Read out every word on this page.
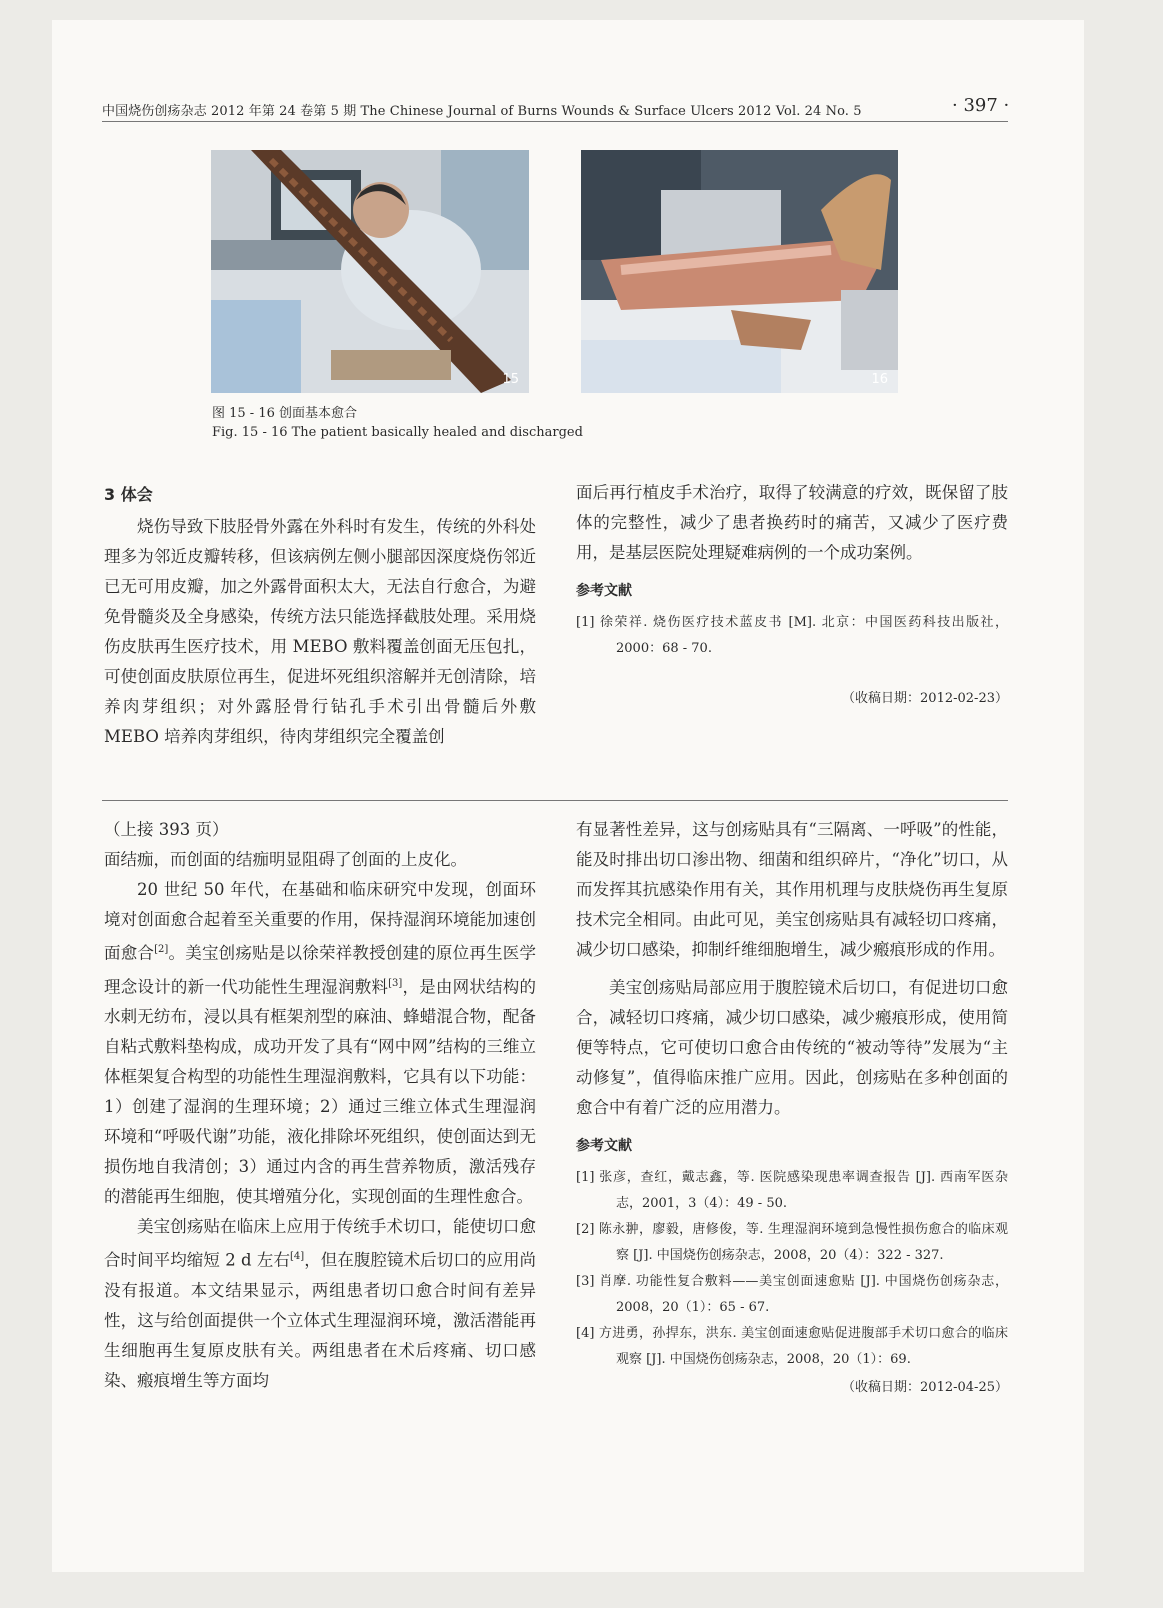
中国烧伤创疡杂志 2012 年第 24 卷第 5 期 The Chinese Journal of Burns Wounds & Surface Ulcers 2012 Vol. 24 No. 5	· 397 ·
15	16
图 15 - 16 创面基本愈合
Fig. 15 - 16 The patient basically healed and discharged
3 体会

烧伤导致下肢胫骨外露在外科时有发生，传统的外科处理多为邻近皮瓣转移，但该病例左侧小腿部因深度烧伤邻近已无可用皮瓣，加之外露骨面积太大，无法自行愈合，为避免骨髓炎及全身感染，传统方法只能选择截肢处理。采用烧伤皮肤再生医疗技术，用 MEBO 敷料覆盖创面无压包扎，可使创面皮肤原位再生，促进坏死组织溶解并无创清除，培养肉芽组织；对外露胫骨行钻孔手术引出骨髓后外敷 MEBO 培养肉芽组织，待肉芽组织完全覆盖创

面后再行植皮手术治疗，取得了较满意的疗效，既保留了肢体的完整性，减少了患者换药时的痛苦，又减少了医疗费用，是基层医院处理疑难病例的一个成功案例。

参考文献
[1] 徐荣祥. 烧伤医疗技术蓝皮书 [M]. 北京：中国医药科技出版社，2000：68 - 70.
（收稿日期：2012-02-23）

（上接 393 页）

面结痂，而创面的结痂明显阻碍了创面的上皮化。

20 世纪 50 年代，在基础和临床研究中发现，创面环境对创面愈合起着至关重要的作用，保持湿润环境能加速创面愈合[2]。美宝创疡贴是以徐荣祥教授创建的原位再生医学理念设计的新一代功能性生理湿润敷料[3]，是由网状结构的水刺无纺布，浸以具有框架剂型的麻油、蜂蜡混合物，配备自粘式敷料垫构成，成功开发了具有“网中网”结构的三维立体框架复合构型的功能性生理湿润敷料，它具有以下功能：1）创建了湿润的生理环境；2）通过三维立体式生理湿润环境和“呼吸代谢”功能，液化排除坏死组织，使创面达到无损伤地自我清创；3）通过内含的再生营养物质，激活残存的潜能再生细胞，使其增殖分化，实现创面的生理性愈合。

美宝创疡贴在临床上应用于传统手术切口，能使切口愈合时间平均缩短 2 d 左右[4]，但在腹腔镜术后切口的应用尚没有报道。本文结果显示，两组患者切口愈合时间有差异性，这与给创面提供一个立体式生理湿润环境，激活潜能再生细胞再生复原皮肤有关。两组患者在术后疼痛、切口感染、瘢痕增生等方面均

有显著性差异，这与创疡贴具有“三隔离、一呼吸”的性能，能及时排出切口渗出物、细菌和组织碎片，“净化”切口，从而发挥其抗感染作用有关，其作用机理与皮肤烧伤再生复原技术完全相同。由此可见，美宝创疡贴具有减轻切口疼痛，减少切口感染，抑制纤维细胞增生，减少瘢痕形成的作用。

美宝创疡贴局部应用于腹腔镜术后切口，有促进切口愈合，减轻切口疼痛，减少切口感染，减少瘢痕形成，使用简便等特点，它可使切口愈合由传统的“被动等待”发展为“主动修复”，值得临床推广应用。因此，创疡贴在多种创面的愈合中有着广泛的应用潜力。

参考文献
[1] 张彦，查红，戴志鑫，等. 医院感染现患率调查报告 [J]. 西南军医杂志，2001，3（4）：49 - 50.
[2] 陈永翀，廖毅，唐修俊，等. 生理湿润环境到急慢性损伤愈合的临床观察 [J]. 中国烧伤创疡杂志，2008，20（4）：322 - 327.
[3] 肖摩. 功能性复合敷料——美宝创面速愈贴 [J]. 中国烧伤创疡杂志，2008，20（1）：65 - 67.
[4] 方进勇，孙捍东，洪东. 美宝创面速愈贴促进腹部手术切口愈合的临床观察 [J]. 中国烧伤创疡杂志，2008，20（1）：69.
（收稿日期：2012-04-25）
